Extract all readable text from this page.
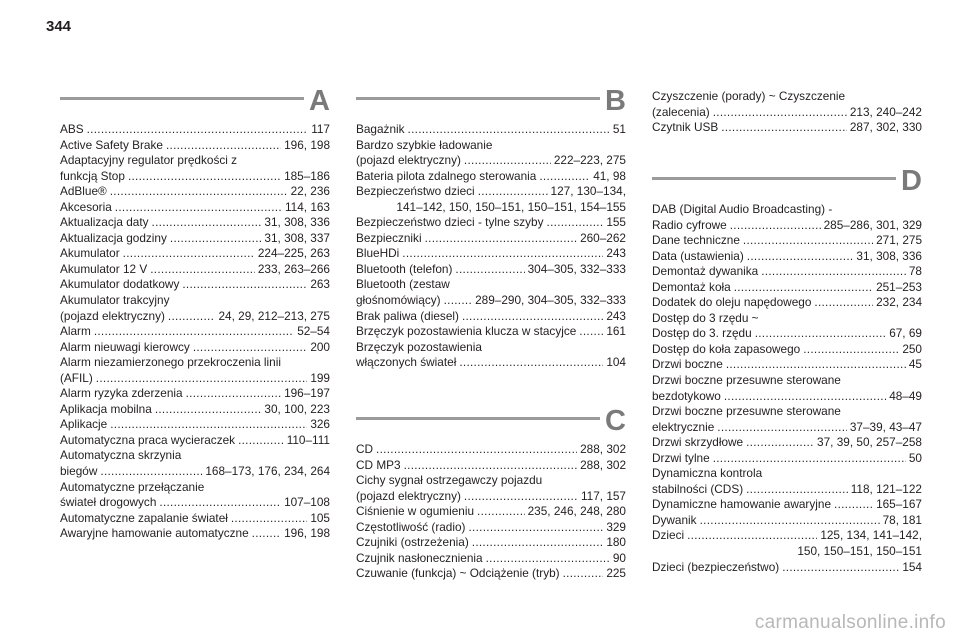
344
A
ABS . . .	117
Active Safety Brake . . .	196, 198
Adaptacyjny regulator prędkości z
funkcją Stop . . .	185–186
AdBlue® . . .	22, 236
Akcesoria . . .	114, 163
Aktualizacja daty . . .	31, 308, 336
Aktualizacja godziny . . .	31, 308, 337
Akumulator . . .	224–225, 263
Akumulator 12 V . . .	233, 263–266
Akumulator dodatkowy . . .	263
Akumulator trakcyjny
(pojazd elektryczny) . . .	24, 29, 212–213, 275
Alarm . . .	52–54
Alarm nieuwagi kierowcy . . .	200
Alarm niezamierzonego przekroczenia linii
(AFIL) . . .	199
Alarm ryzyka zderzenia . . .	196–197
Aplikacja mobilna . . .	30, 100, 223
Aplikacje . . .	326
Automatyczna praca wycieraczek . . .	110–111
Automatyczna skrzynia
biegów . . .	168–173, 176, 234, 264
Automatyczne przełączanie
świateł drogowych . . .	107–108
Automatyczne zapalanie świateł . . .	105
Awaryjne hamowanie automatyczne . . .	196, 198
B
Bagażnik . . .	51
Bardzo szybkie ładowanie
(pojazd elektryczny) . . .	222–223, 275
Bateria pilota zdalnego sterowania . . .	41, 98
Bezpieczeństwo dzieci . . .	127, 130–134,
141–142, 150, 150–151, 150–151, 154–155
Bezpieczeństwo dzieci - tylne szyby . . .	155
Bezpieczniki . . .	260–262
BlueHDi . . .	243
Bluetooth (telefon) . . .	304–305, 332–333
Bluetooth (zestaw
głośnomówiący) . . .	289–290, 304–305, 332–333
Brak paliwa (diesel) . . .	243
Brzęczyk pozostawienia klucza w stacyjce . . .	161
Brzęczyk pozostawienia
włączonych świateł . . .	104
C
CD . . .	288, 302
CD MP3 . . .	288, 302
Cichy sygnał ostrzegawczy pojazdu
(pojazd elektryczny) . . .	117, 157
Ciśnienie w ogumieniu . . .	235, 246, 248, 280
Częstotliwość (radio) . . .	329
Czujniki (ostrzeżenia) . . .	180
Czujnik nasłonecznienia . . .	90
Czuwanie (funkcja) ~ Odciążenie (tryb) . . .	225
Czyszczenie (porady) ~ Czyszczenie
(zalecenia) . . .	213, 240–242
Czytnik USB . . .	287, 302, 330
D
DAB (Digital Audio Broadcasting) -
Radio cyfrowe . . .	285–286, 301, 329
Dane techniczne . . .	271, 275
Data (ustawienia) . . .	31, 308, 336
Demontaż dywanika . . .	78
Demontaż koła . . .	251–253
Dodatek do oleju napędowego . . .	232, 234
Dostęp do 3 rzędu ~
Dostęp do 3. rzędu . . .	67, 69
Dostęp do koła zapasowego . . .	250
Drzwi boczne . . .	45
Drzwi boczne przesuwne sterowane
bezdotykowo . . .	48–49
Drzwi boczne przesuwne sterowane
elektrycznie . . .	37–39, 43–47
Drzwi skrzydłowe . . .	37, 39, 50, 257–258
Drzwi tylne . . .	50
Dynamiczna kontrola
stabilności (CDS) . . .	118, 121–122
Dynamiczne hamowanie awaryjne . . .	165–167
Dywanik . . .	78, 181
Dzieci . . .	125, 134, 141–142,
150, 150–151, 150–151
Dzieci (bezpieczeństwo) . . .	154
carmanualsonline.info
